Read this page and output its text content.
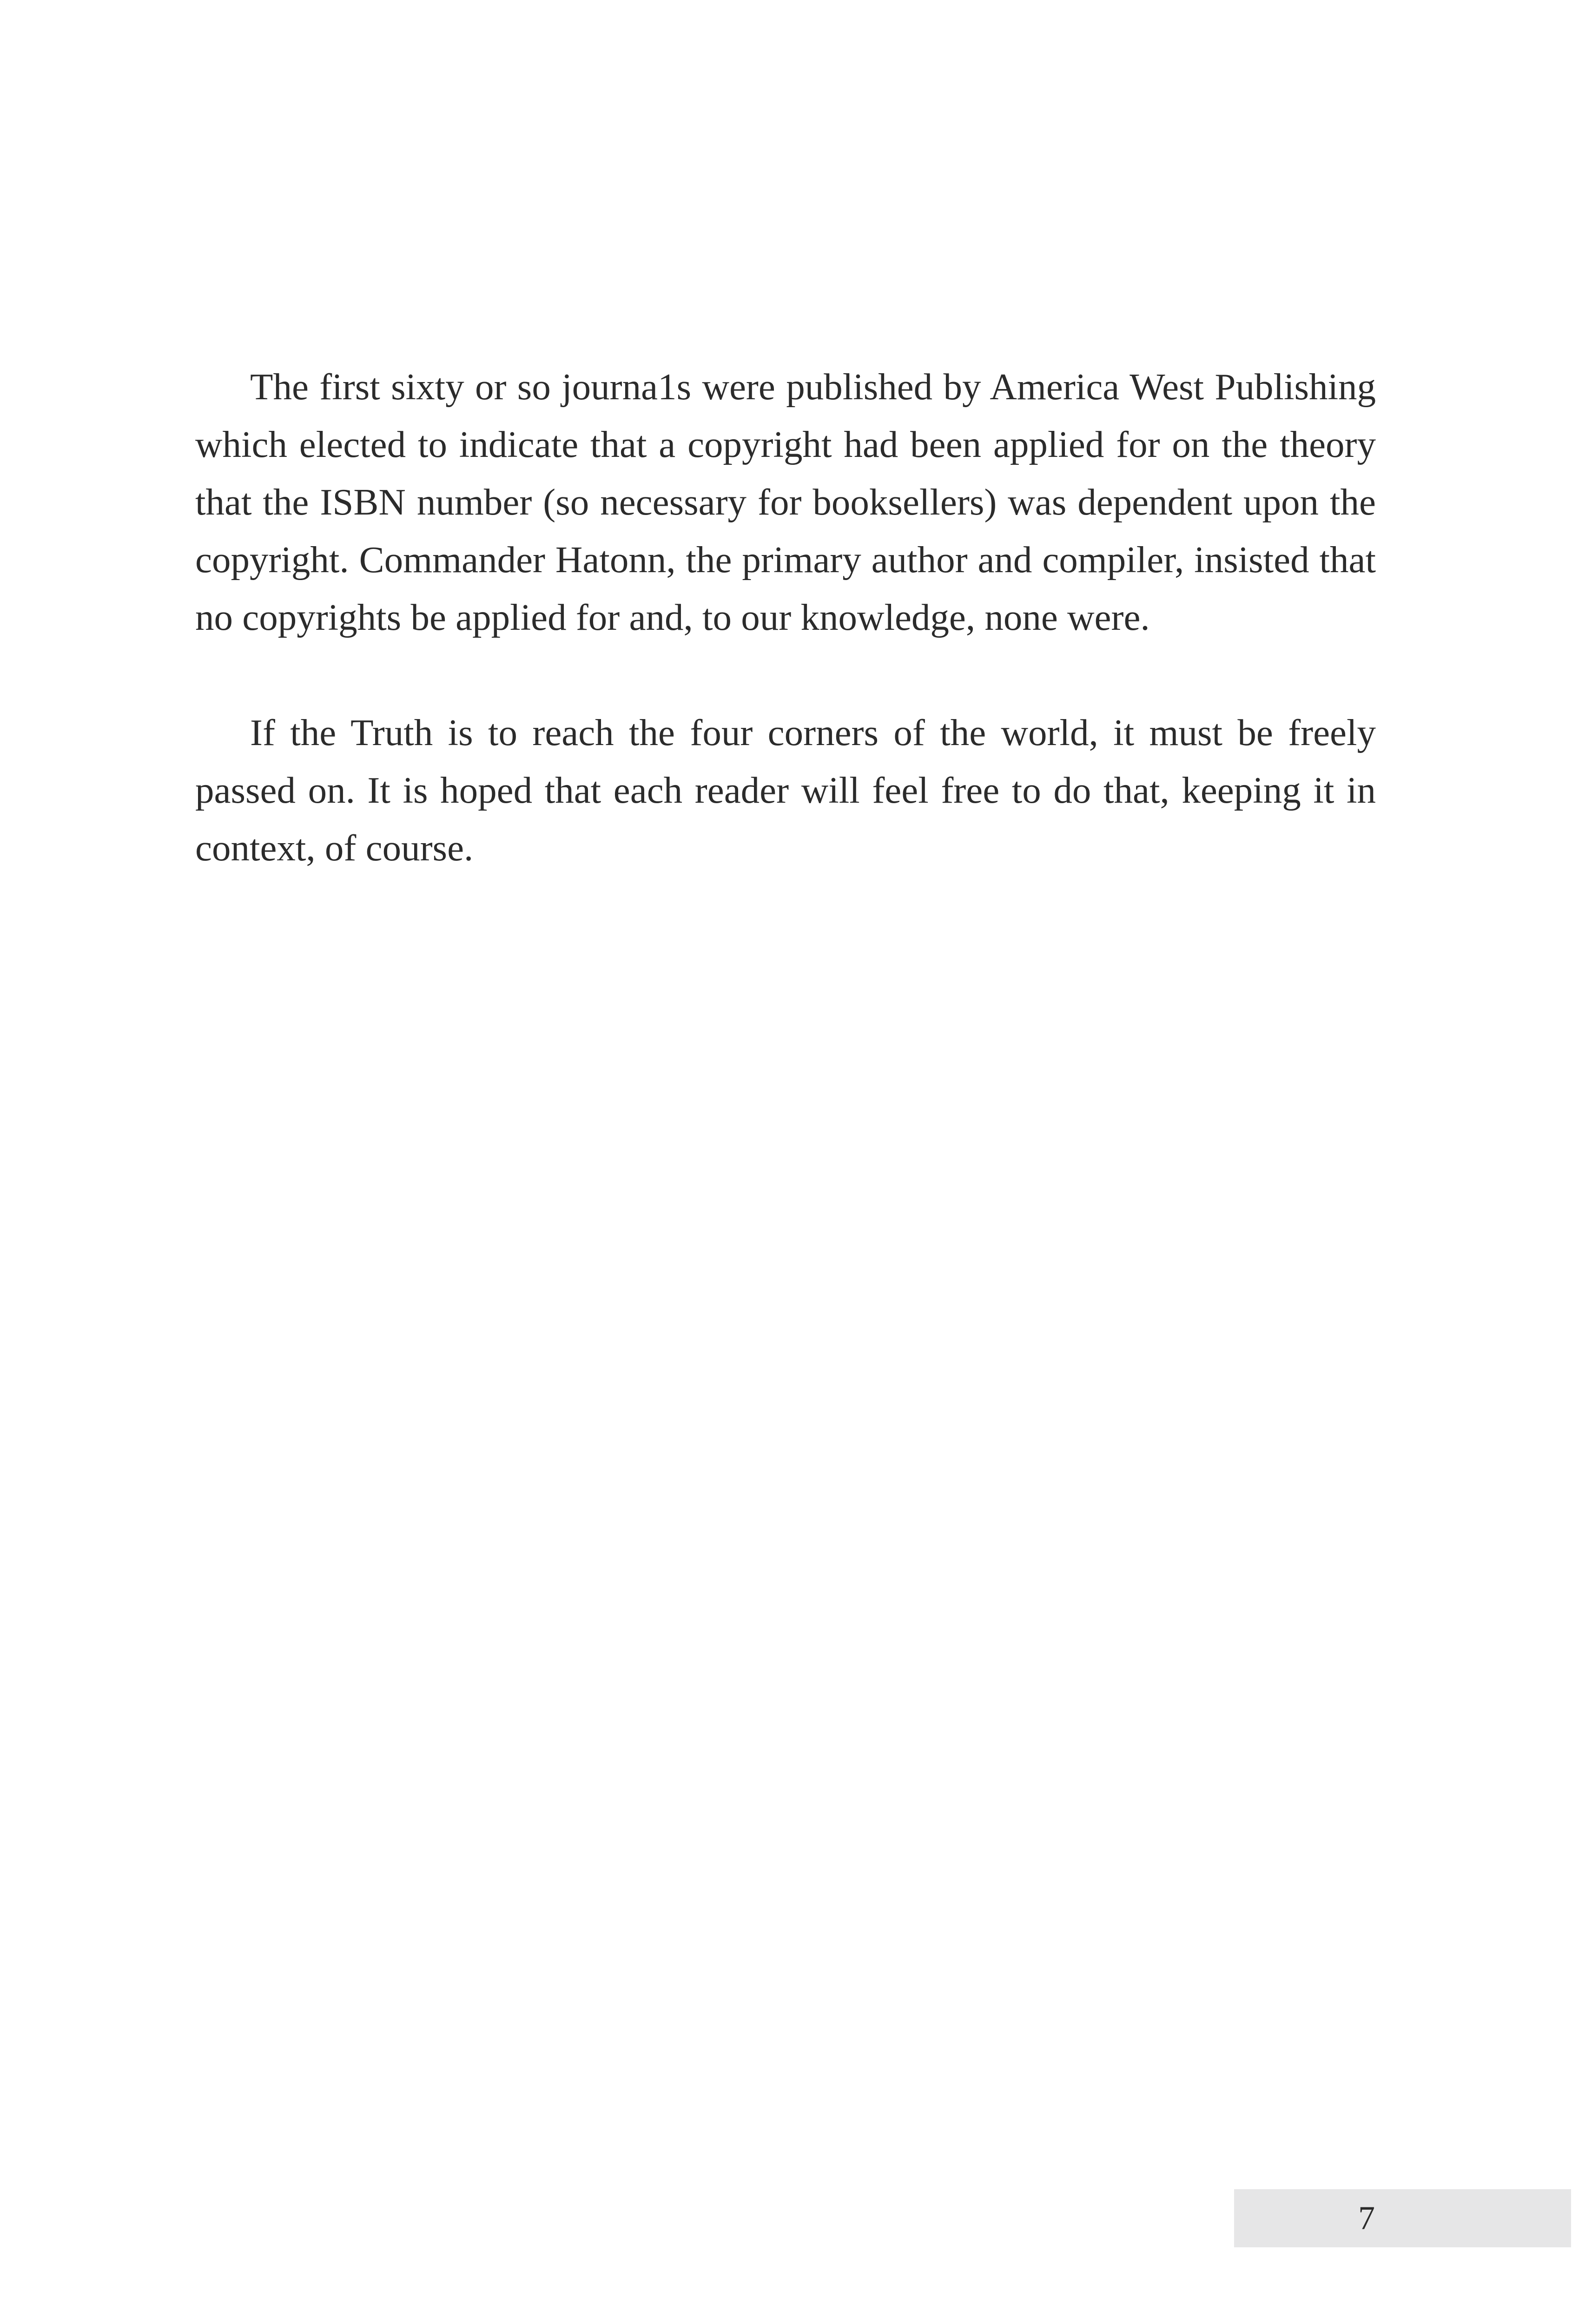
The first sixty or so journa1s were published by America West Publishing which elected to indicate that a copyright had been applied for on the theory that the ISBN number (so necessary for booksellers) was dependent upon the copyright. Commander Hatonn, the primary author and compiler, insisted that no copyrights be applied for and, to our knowledge, none were.

If the Truth is to reach the four corners of the world, it must be freely passed on. It is hoped that each reader will feel free to do that, keeping it in context, of course.

7
